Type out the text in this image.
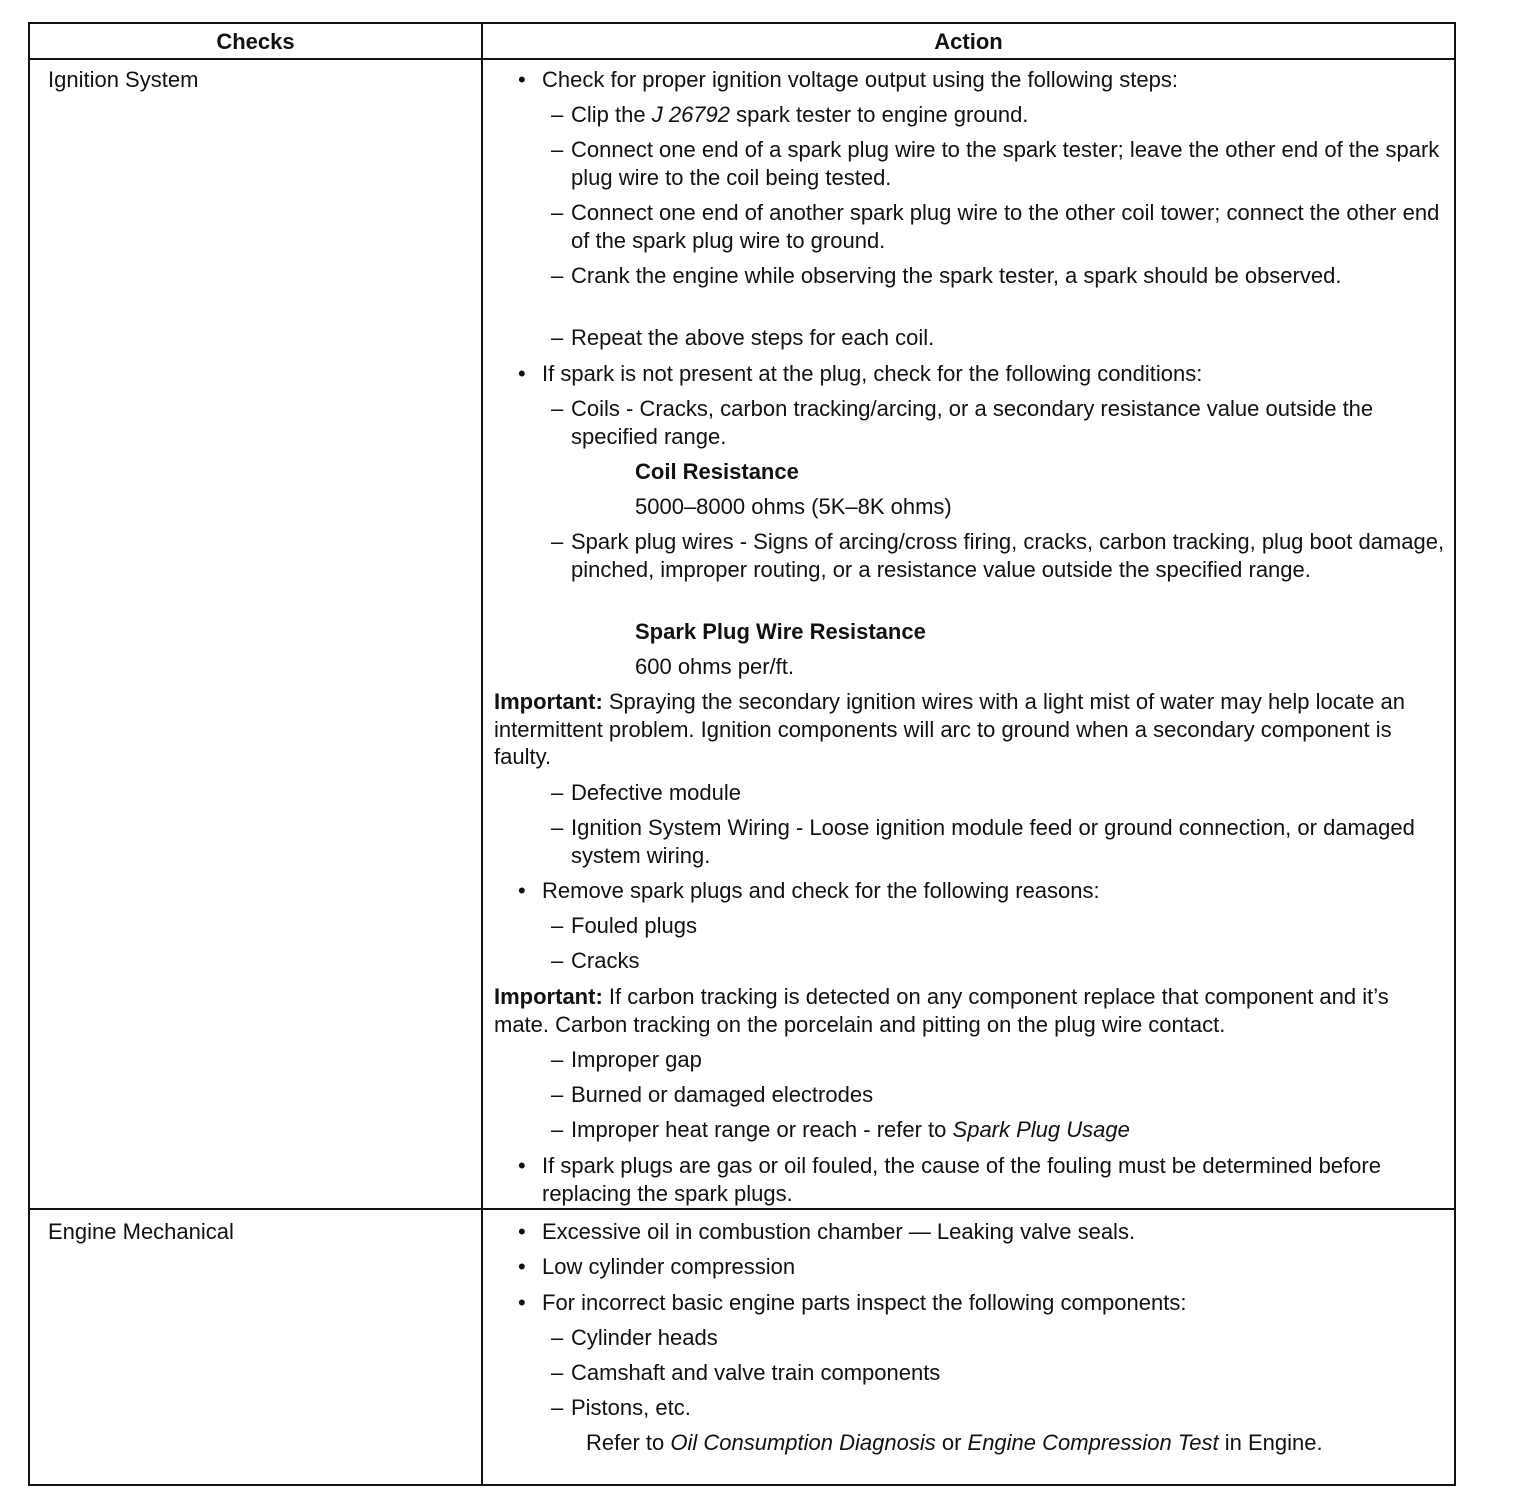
Checks	Action
Ignition System
Engine Mechanical

• Check for proper ignition voltage output using the following steps:

– Clip the J 26792 spark tester to engine ground.

– Connect one end of a spark plug wire to the spark tester; leave the other end of the spark plug wire to the coil being tested.

– Connect one end of another spark plug wire to the other coil tower; connect the other end of the spark plug wire to ground.

– Crank the engine while observing the spark tester, a spark should be observed.

– Repeat the above steps for each coil.

• If spark is not present at the plug, check for the following conditions:

– Coils - Cracks, carbon tracking/arcing, or a secondary resistance value outside the specified range.

Coil Resistance

5000–8000 ohms (5K–8K ohms)

– Spark plug wires - Signs of arcing/cross firing, cracks, carbon tracking, plug boot damage, pinched, improper routing, or a resistance value outside the specified range.

Spark Plug Wire Resistance

600 ohms per/ft.

Important: Spraying the secondary ignition wires with a light mist of water may help locate an intermittent problem. Ignition components will arc to ground when a secondary component is faulty.

– Defective module

– Ignition System Wiring - Loose ignition module feed or ground connection, or damaged system wiring.

• Remove spark plugs and check for the following reasons:

– Fouled plugs

– Cracks

Important: If carbon tracking is detected on any component replace that component and it’s mate. Carbon tracking on the porcelain and pitting on the plug wire contact.

– Improper gap

– Burned or damaged electrodes

– Improper heat range or reach - refer to Spark Plug Usage

• If spark plugs are gas or oil fouled, the cause of the fouling must be determined before replacing the spark plugs.

• Excessive oil in combustion chamber — Leaking valve seals.

• Low cylinder compression

• For incorrect basic engine parts inspect the following components:

– Cylinder heads

– Camshaft and valve train components

– Pistons, etc.

Refer to Oil Consumption Diagnosis or Engine Compression Test in Engine.
